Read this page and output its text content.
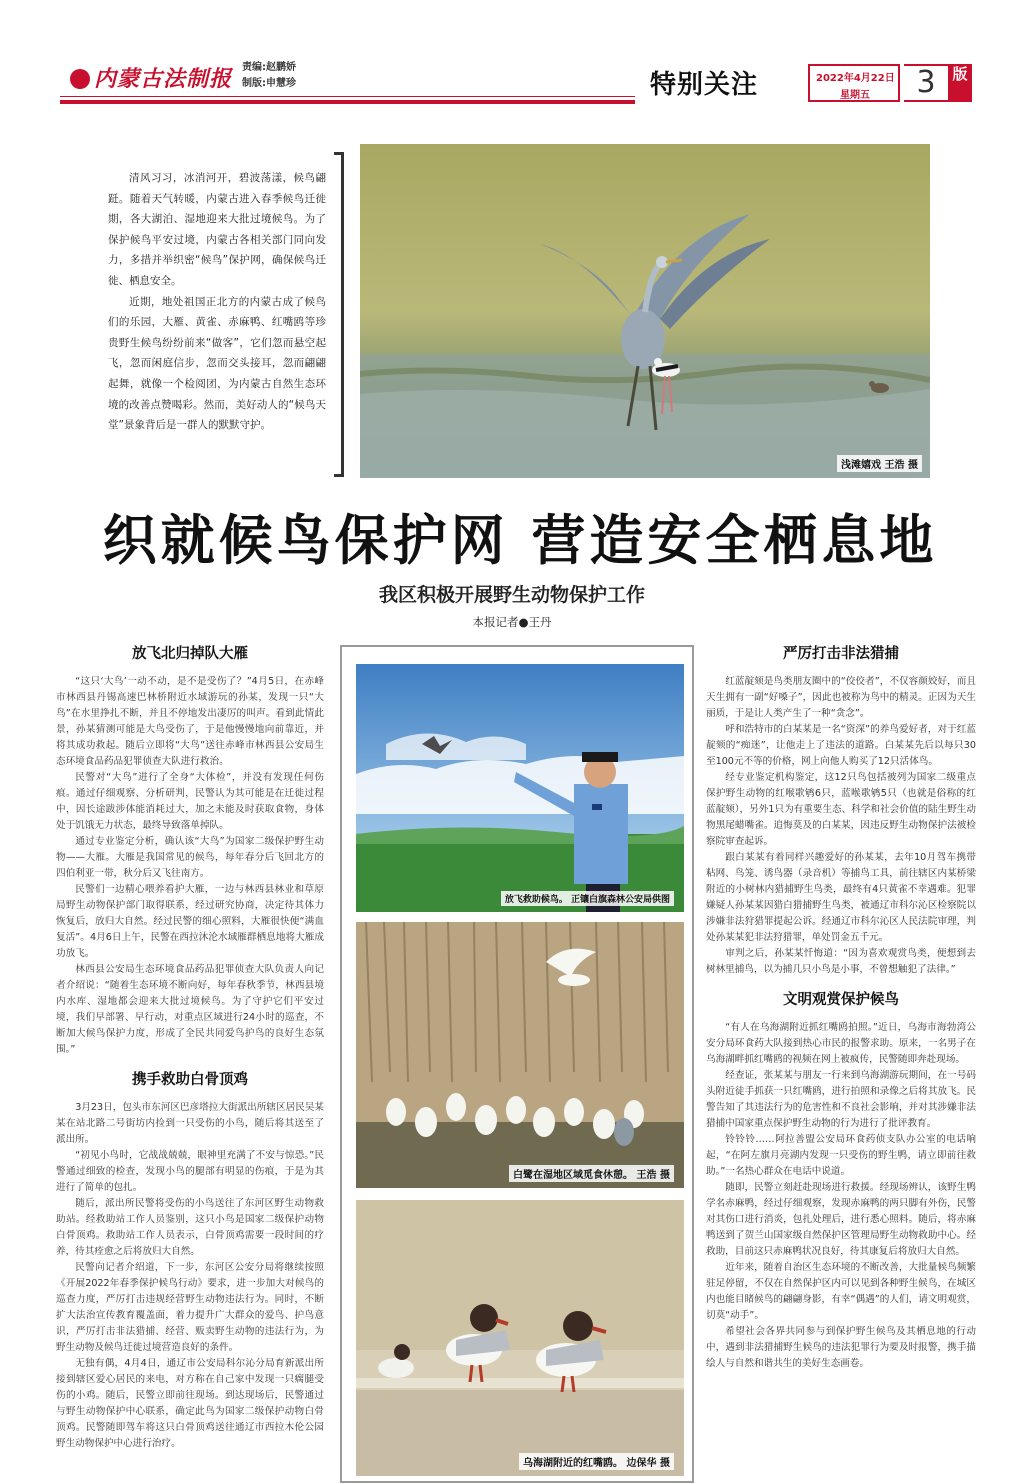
内蒙古法制报 责编:赵鹏娇
制版:申慧珍	特别关注	2022年4月22日
星期五	3	版

清风习习，冰消河开，碧波荡漾，候鸟翩跹。随着天气转暖，内蒙古进入春季候鸟迁徙期，各大湖泊、湿地迎来大批过境候鸟。为了保护候鸟平安过境，内蒙古各相关部门同向发力，多措并举织密“候鸟”保护网，确保候鸟迁徙、栖息安全。

近期，地处祖国正北方的内蒙古成了候鸟们的乐园，大雁、黄雀、赤麻鸭、红嘴鸥等珍贵野生候鸟纷纷前来“做客”，它们忽而悬空起飞，忽而闲庭信步，忽而交头接耳，忽而翩翩起舞，就像一个检阅团，为内蒙古自然生态环境的改善点赞喝彩。然而，美好动人的“候鸟天堂”景象背后是一群人的默默守护。

浅滩嬉戏 王浩 摄
织就候鸟保护网 营造安全栖息地
我区积极开展野生动物保护工作
本报记者●王丹
放飞北归掉队大雁

“这只‘大鸟’一动不动，是不是受伤了？”4月5日，在赤峰市林西县丹锡高速巴林桥附近水域游玩的孙某，发现一只“大鸟”在水里挣扎不断，并且不停地发出凄厉的叫声。看到此情此景，孙某猜测可能是大鸟受伤了，于是他慢慢地向前靠近，并将其成功救起。随后立即将“大鸟”送往赤峰市林西县公安局生态环境食品药品犯罪侦查大队进行救治。

民警对“大鸟”进行了全身“大体检”，并没有发现任何伤痕。通过仔细观察、分析研判，民警认为其可能是在迁徙过程中，因长途跋涉体能消耗过大，加之未能及时获取食物，身体处于饥饿无力状态，最终导致落单掉队。

通过专业鉴定分析，确认该“大鸟”为国家二级保护野生动物——大雁。大雁是我国常见的候鸟，每年春分后飞回北方的四伯利亚一带，秋分后又飞往南方。

民警们一边精心喂养看护大雁，一边与林西县林业和草原局野生动物保护部门取得联系，经过研究协商，决定待其体力恢复后，放归大自然。经过民警的细心照料，大雁很快便“满血复活”。4月6日上午，民警在西拉沐沦水域雁群栖息地将大雁成功放飞。

林西县公安局生态环境食品药品犯罪侦查大队负责人向记者介绍说：“随着生态环境不断向好，每年春秋季节，林西县境内水库、湿地都会迎来大批过境候鸟。为了守护它们平安过境，我们早部署、早行动，对重点区域进行24小时的巡查，不断加大候鸟保护力度，形成了全民共同爱鸟护鸟的良好生态氛围。”

携手救助白骨顶鸡

3月23日，包头市东河区巴彦塔拉大街派出所辖区居民吴某某在站北路二号街坊内捡到一只受伤的小鸟，随后将其送至了派出所。

“初见小鸟时，它战战兢兢，眼神里充满了不安与惊恐。”民警通过细致的检查，发现小鸟的腿部有明显的伤痕，于是为其进行了简单的包扎。

随后，派出所民警将受伤的小鸟送往了东河区野生动物救助站。经救助站工作人员鉴别，这只小鸟是国家二级保护动物白骨顶鸡。救助站工作人员表示，白骨顶鸡需要一段时间的疗养，待其痊愈之后将放归大自然。

民警向记者介绍道，下一步，东河区公安分局将继续按照《开展2022年春季保护候鸟行动》要求，进一步加大对候鸟的巡查力度，严厉打击违规经营野生动物违法行为。同时，不断扩大法治宣传教育覆盖面，着力提升广大群众的爱鸟、护鸟意识，严厉打击非法猎捕、经营、贩卖野生动物的违法行为，为野生动物及候鸟迁徙过境营造良好的条件。

无独有偶，4月4日，通辽市公安局科尔沁分局育新派出所接到辖区爱心居民的来电，对方称在自己家中发现一只瘸腿受伤的小鸡。随后，民警立即前往现场。到达现场后，民警通过与野生动物保护中心联系，确定此鸟为国家二级保护动物白骨顶鸡。民警随即驾车将这只白骨顶鸡送往通辽市西拉木伦公园野生动物保护中心进行治疗。

放飞救助候鸟。 正镶白旗森林公安局供图
白鹭在湿地区域觅食休憩。 王浩 摄
乌海湖附近的红嘴鸥。 边保华 摄
严厉打击非法猎捕

红蓝靛颏是鸟类朋友圈中的“佼佼者”，不仅容颜姣好，而且天生拥有一副“好嗓子”，因此也被称为鸟中的精灵。正因为天生丽质，于是让人类产生了一种“贪念”。

呼和浩特市的白某某是一名“资深”的养鸟爱好者，对于红蓝靛颏的“痴迷”，让他走上了违法的道路。白某某先后以每只30至100元不等的价格，网上向他人购买了12只活体鸟。

经专业鉴定机构鉴定，这12只鸟包括被列为国家二级重点保护野生动物的红喉歌鸲6只，蓝喉歌鸲5只（也就是俗称的红蓝靛颏），另外1只为有重要生态、科学和社会价值的陆生野生动物黑尾蜡嘴雀。追悔莫及的白某某，因违反野生动物保护法被检察院审查起诉。

跟白某某有着同样兴趣爱好的孙某某，去年10月驾车携带粘网、鸟笼、诱鸟器（录音机）等捕鸟工具，前往辖区内某桥梁附近的小树林内猎捕野生鸟类，最终有4只黄雀不幸遇难。犯罪嫌疑人孙某某因猎白猎捕野生鸟类，被通辽市科尔沁区检察院以涉嫌非法狩猎罪提起公诉。经通辽市科尔沁区人民法院审理，判处孙某某犯非法狩猎罪，单处罚金五千元。

审判之后，孙某某忏悔道：“因为喜欢观赏鸟类，便想到去树林里捕鸟，以为捕几只小鸟是小事，不曾想触犯了法律。”

文明观赏保护候鸟

“有人在乌海湖附近抓红嘴鸥拍照。”近日，乌海市海勃湾公安分局环食药大队接到热心市民的报警求助。原来，一名男子在乌海湖畔抓红嘴鸥的视频在网上被疯传，民警随即奔赴现场。

经查证，张某某与朋友一行来到乌海湖游玩期间，在一号码头附近徒手抓获一只红嘴鸥，进行拍照和录像之后将其放飞。民警告知了其违法行为的危害性和不良社会影响，并对其涉嫌非法猎捕中国家重点保护野生动物的行为进行了批评教育。

铃铃铃……阿拉善盟公安局环食药侦支队办公室的电话响起，“在阿左旗月亮湖内发现一只受伤的野生鸭，请立即前往救助。”一名热心群众在电话中说道。

随即，民警立刻赶赴现场进行救援。经现场辨认，该野生鸭学名赤麻鸭，经过仔细观察，发现赤麻鸭的两只脚有外伤，民警对其伤口进行消炎，包扎处理后，进行悉心照料。随后，将赤麻鸭送到了贺兰山国家级自然保护区管理局野生动物救助中心。经救助，目前这只赤麻鸭状况良好，待其康复后将放归大自然。

近年来，随着自治区生态环境的不断改善，大批量候鸟频繁驻足停留，不仅在自然保护区内可以见到各种野生候鸟，在城区内也能目睹候鸟的翩翩身影，有幸“偶遇”的人们，请文明观赏，切莫“动手”。

希望社会各界共同参与到保护野生候鸟及其栖息地的行动中，遇到非法猎捕野生候鸟的违法犯罪行为要及时报警，携手描绘人与自然和谐共生的美好生态画卷。
